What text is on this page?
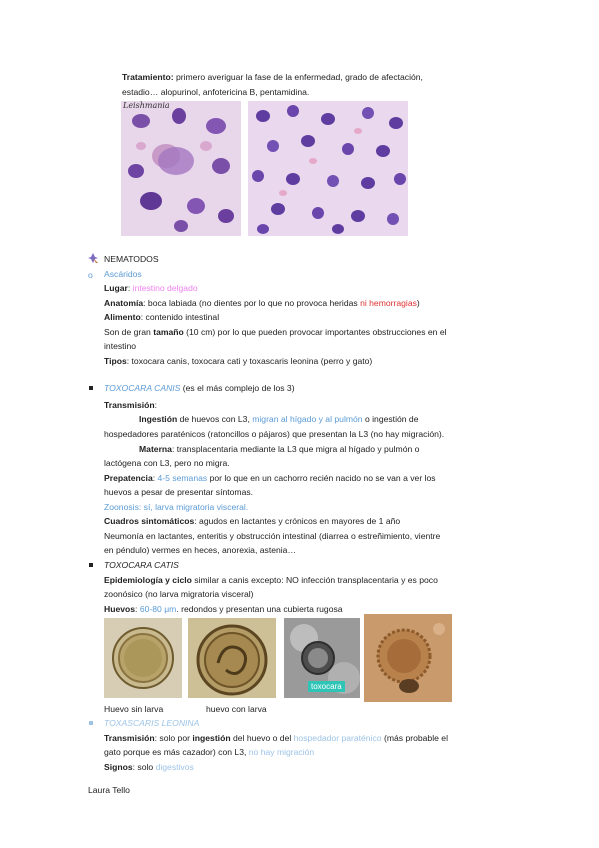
Tratamiento: primero averiguar la fase de la enfermedad, grado de afectación,
estadio… alopurinol, anfotericina B, pentamidina.
Leishmania
NEMATODOS
o Ascáridos
Lugar: intestino delgado
Anatomía: boca labiada (no dientes por lo que no provoca heridas ni hemorragias)
Alimento: contenido intestinal
Son de gran tamaño (10 cm) por lo que pueden provocar importantes obstrucciones en el
intestino
Tipos: toxocara canis, toxocara cati y toxascaris leonina (perro y gato)
TOXOCARA CANIS (es el más complejo de los 3)
Transmisión:
Ingestión de huevos con L3, migran al hígado y al pulmón o ingestión de
hospedadores paraténicos (ratoncillos o pájaros) que presentan la L3 (no hay migración).
Materna: transplacentaria mediante la L3 que migra al hígado y pulmón o
lactógena con L3, pero no migra.
Prepatencia: 4-5 semanas por lo que en un cachorro recién nacido no se van a ver los
huevos a pesar de presentar síntomas.
Zoonosis: sí, larva migratoria visceral.
Cuadros sintomáticos: agudos en lactantes y crónicos en mayores de 1 año
Neumonía en lactantes, enteritis y obstrucción intestinal (diarrea o estreñimiento, vientre
en péndulo) vermes en heces, anorexia, astenia…
TOXOCARA CATIS
Epidemiología y ciclo similar a canis excepto: NO infección transplacentaria y es poco
zoonósico (no larva migratoria visceral)
Huevos: 60-80 μm. redondos y presentan una cubierta rugosa
toxocara
Huevo sin larva	huevo con larva
TOXASCARIS LEONINA
Transmisión: solo por ingestión del huevo o del hospedador paraténico (más probable el
gato porque es más cazador) con L3, no hay migración
Signos: solo digestivos
Laura Tello
